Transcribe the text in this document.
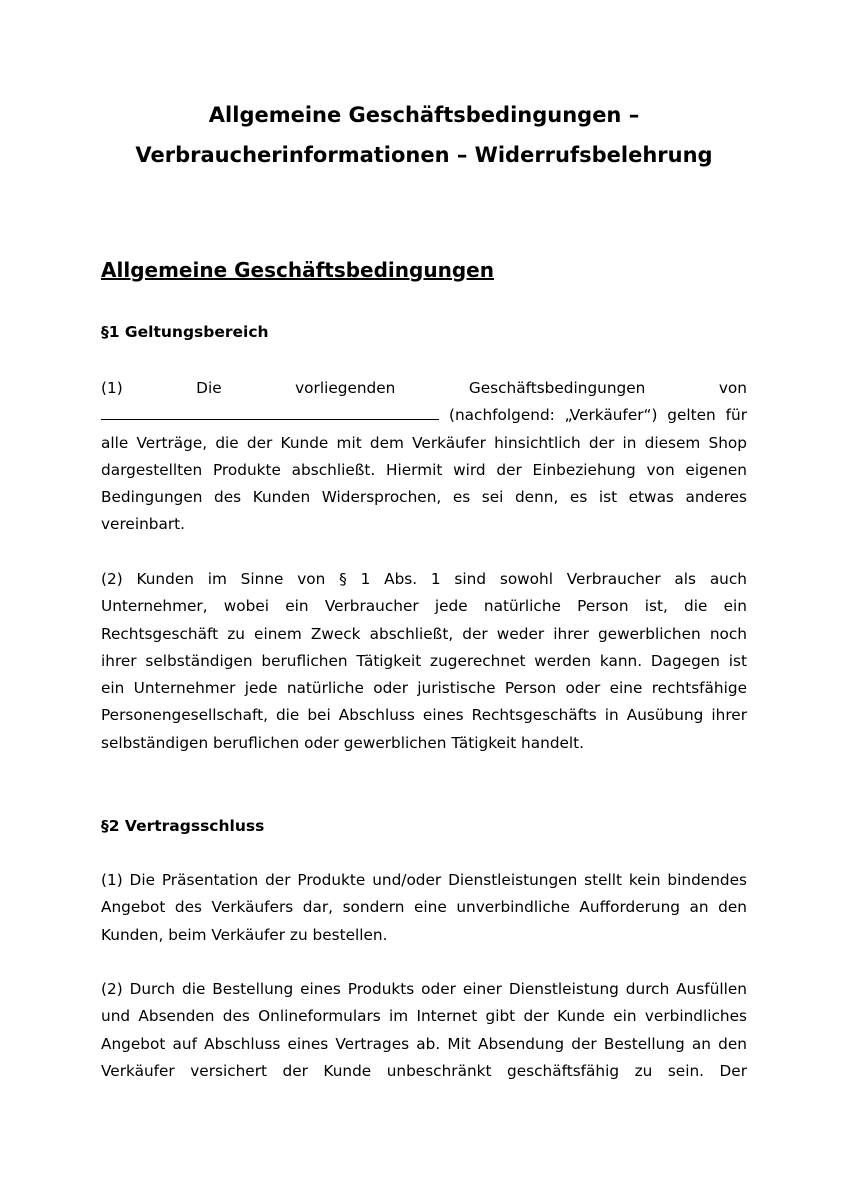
Allgemeine Geschäftsbedingungen –
Verbraucherinformationen – Widerrufsbelehrung
Allgemeine Geschäftsbedingungen
§1 Geltungsbereich
(1)	Die	vorliegenden	Geschäftsbedingungen	von
(nachfolgend: „Verkäufer“) gelten für
alle Verträge, die der Kunde mit dem Verkäufer hinsichtlich der in diesem Shop
dargestellten Produkte abschließt. Hiermit wird der Einbeziehung von eigenen
Bedingungen des Kunden Widersprochen, es sei denn, es ist etwas anderes
vereinbart.
(2) Kunden im Sinne von § 1 Abs. 1 sind sowohl Verbraucher als auch
Unternehmer, wobei ein Verbraucher jede natürliche Person ist, die ein
Rechtsgeschäft zu einem Zweck abschließt, der weder ihrer gewerblichen noch
ihrer selbständigen beruflichen Tätigkeit zugerechnet werden kann. Dagegen ist
ein Unternehmer jede natürliche oder juristische Person oder eine rechtsfähige
Personengesellschaft, die bei Abschluss eines Rechtsgeschäfts in Ausübung ihrer
selbständigen beruflichen oder gewerblichen Tätigkeit handelt.
§2 Vertragsschluss
(1) Die Präsentation der Produkte und/oder Dienstleistungen stellt kein bindendes
Angebot des Verkäufers dar, sondern eine unverbindliche Aufforderung an den
Kunden, beim Verkäufer zu bestellen.
(2) Durch die Bestellung eines Produkts oder einer Dienstleistung durch Ausfüllen
und Absenden des Onlineformulars im Internet gibt der Kunde ein verbindliches
Angebot auf Abschluss eines Vertrages ab. Mit Absendung der Bestellung an den
Verkäufer versichert der Kunde unbeschränkt geschäftsfähig zu sein. Der
